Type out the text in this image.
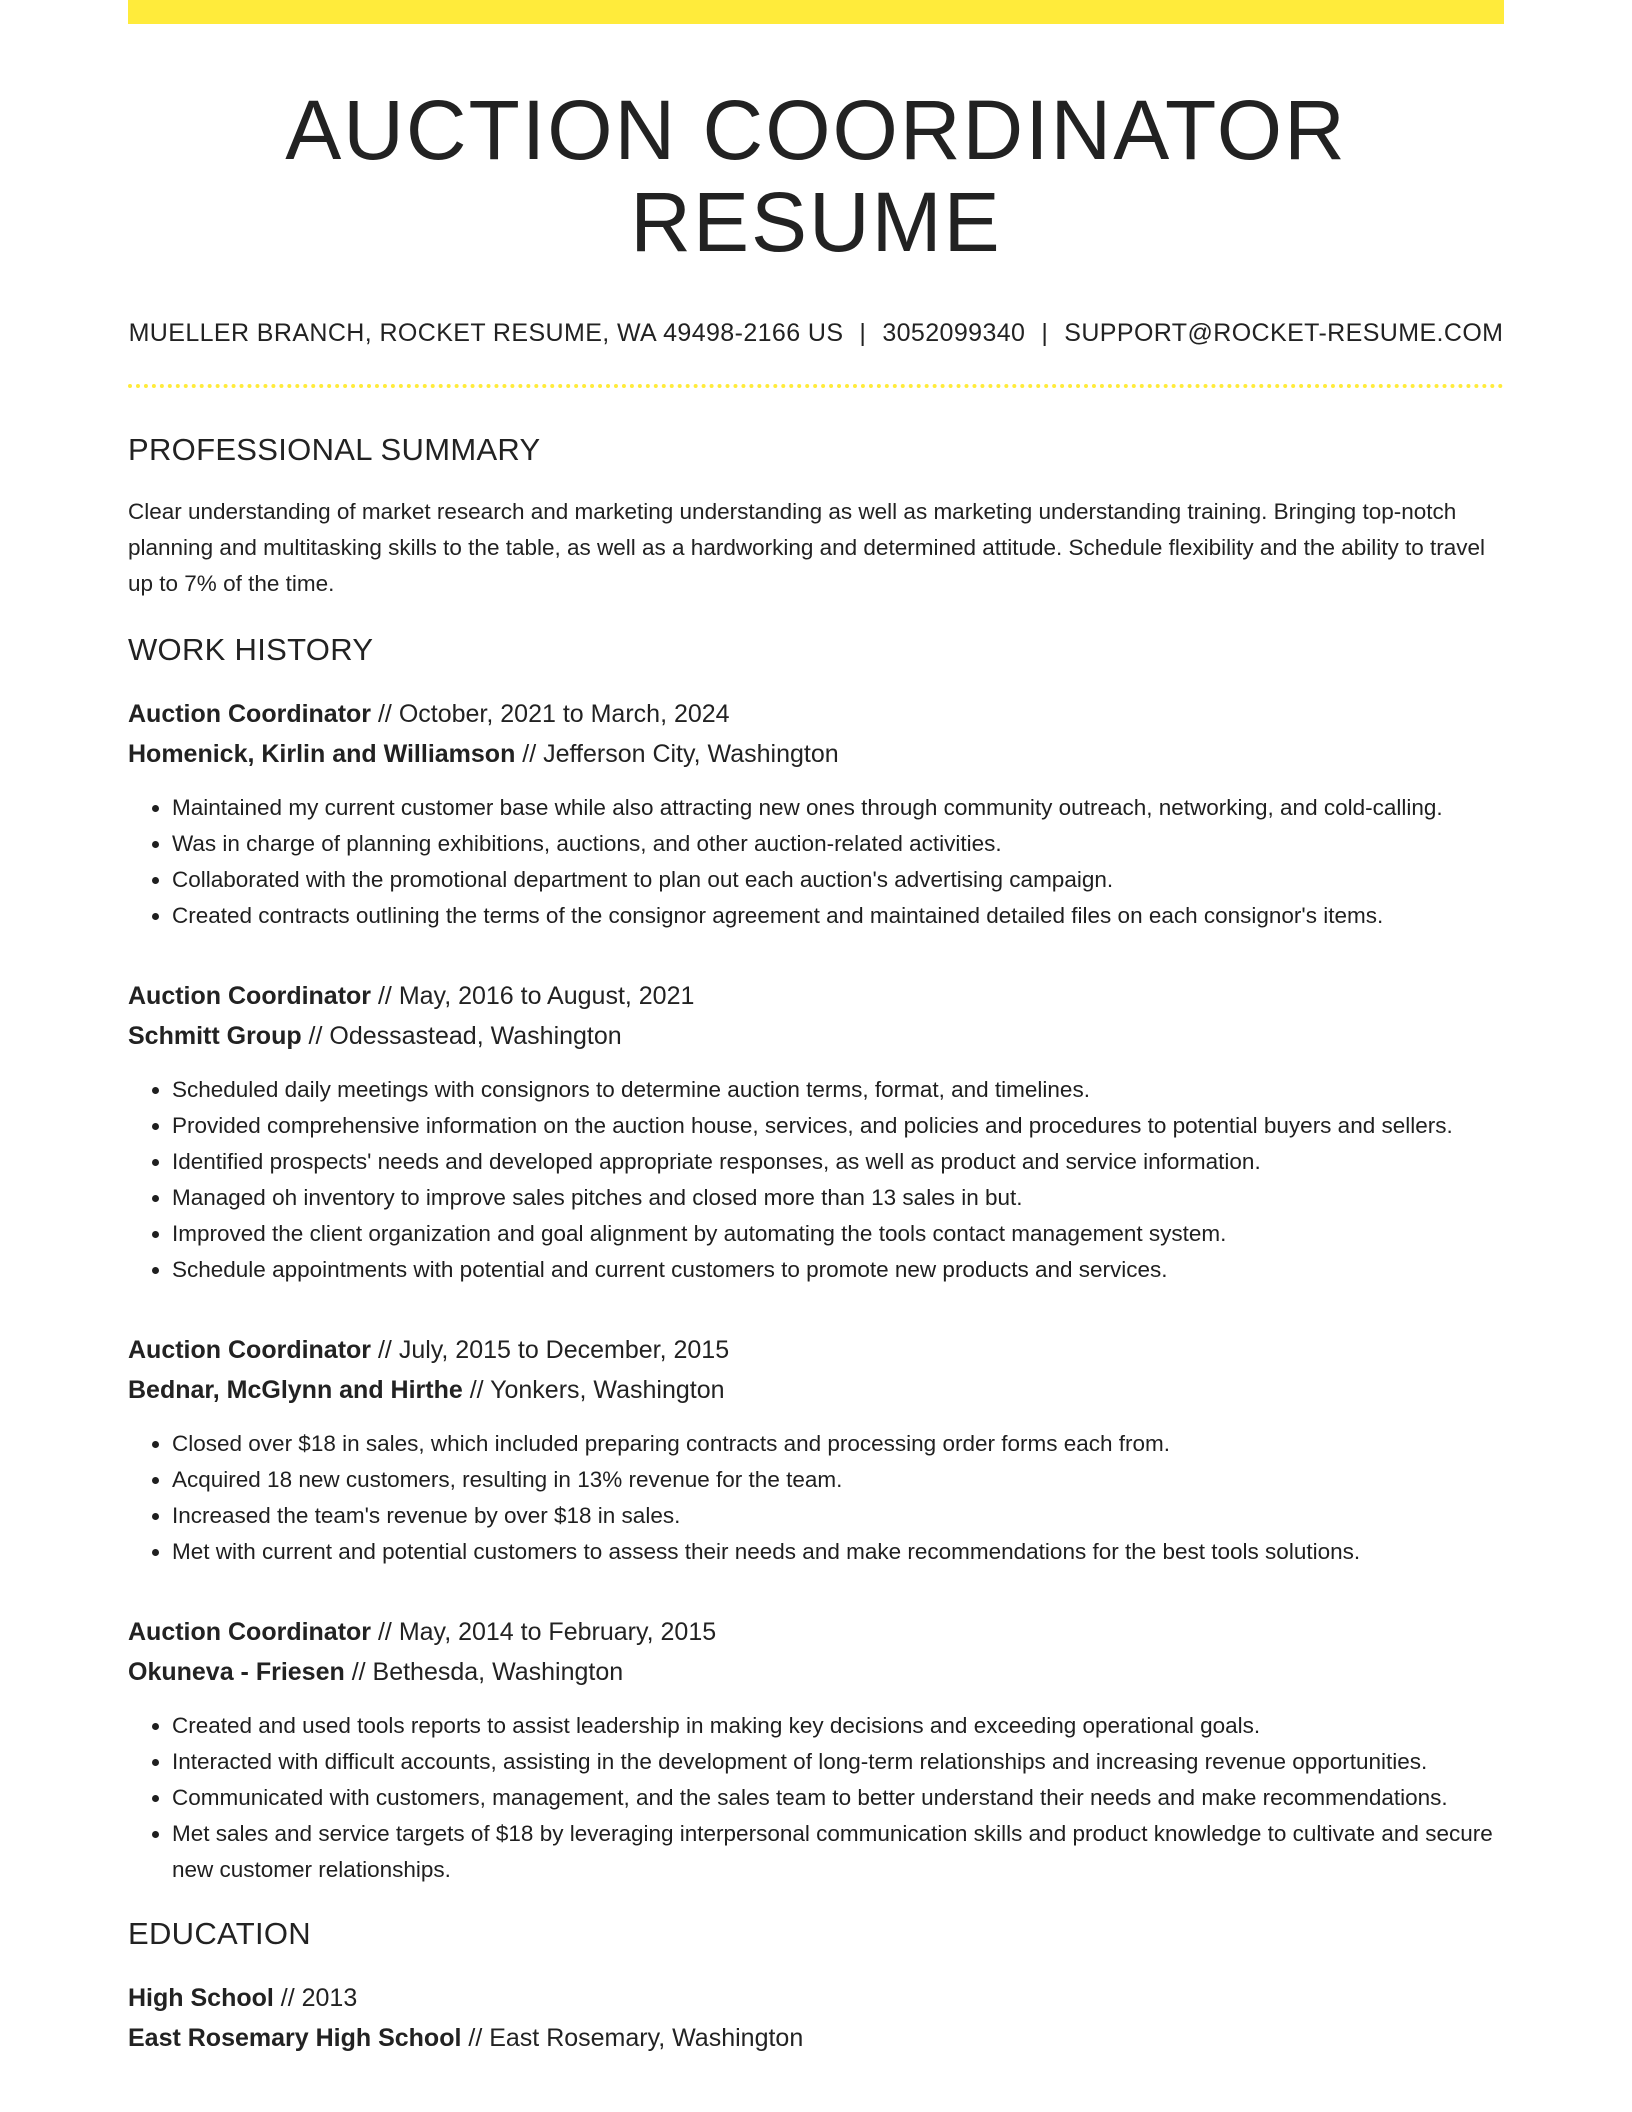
AUCTION COORDINATOR RESUME
MUELLER BRANCH, ROCKET RESUME, WA 49498-2166 US | 3052099340 | SUPPORT@ROCKET-RESUME.COM
PROFESSIONAL SUMMARY

Clear understanding of market research and marketing understanding as well as marketing understanding training. Bringing top-notch planning and multitasking skills to the table, as well as a hardworking and determined attitude. Schedule flexibility and the ability to travel up to 7% of the time.

WORK HISTORY
Auction Coordinator // October, 2021 to March, 2024
Homenick, Kirlin and Williamson // Jefferson City, Washington
• Maintained my current customer base while also attracting new ones through community outreach, networking, and cold-calling.
• Was in charge of planning exhibitions, auctions, and other auction-related activities.
• Collaborated with the promotional department to plan out each auction's advertising campaign.
• Created contracts outlining the terms of the consignor agreement and maintained detailed files on each consignor's items.
Auction Coordinator // May, 2016 to August, 2021
Schmitt Group // Odessastead, Washington
• Scheduled daily meetings with consignors to determine auction terms, format, and timelines.
• Provided comprehensive information on the auction house, services, and policies and procedures to potential buyers and sellers.
• Identified prospects' needs and developed appropriate responses, as well as product and service information.
• Managed oh inventory to improve sales pitches and closed more than 13 sales in but.
• Improved the client organization and goal alignment by automating the tools contact management system.
• Schedule appointments with potential and current customers to promote new products and services.
Auction Coordinator // July, 2015 to December, 2015
Bednar, McGlynn and Hirthe // Yonkers, Washington
• Closed over $18 in sales, which included preparing contracts and processing order forms each from.
• Acquired 18 new customers, resulting in 13% revenue for the team.
• Increased the team's revenue by over $18 in sales.
• Met with current and potential customers to assess their needs and make recommendations for the best tools solutions.
Auction Coordinator // May, 2014 to February, 2015
Okuneva - Friesen // Bethesda, Washington
• Created and used tools reports to assist leadership in making key decisions and exceeding operational goals.
• Interacted with difficult accounts, assisting in the development of long-term relationships and increasing revenue opportunities.
• Communicated with customers, management, and the sales team to better understand their needs and make recommendations.
• Met sales and service targets of $18 by leveraging interpersonal communication skills and product knowledge to cultivate and secure new customer relationships.
EDUCATION
High School // 2013
East Rosemary High School // East Rosemary, Washington
